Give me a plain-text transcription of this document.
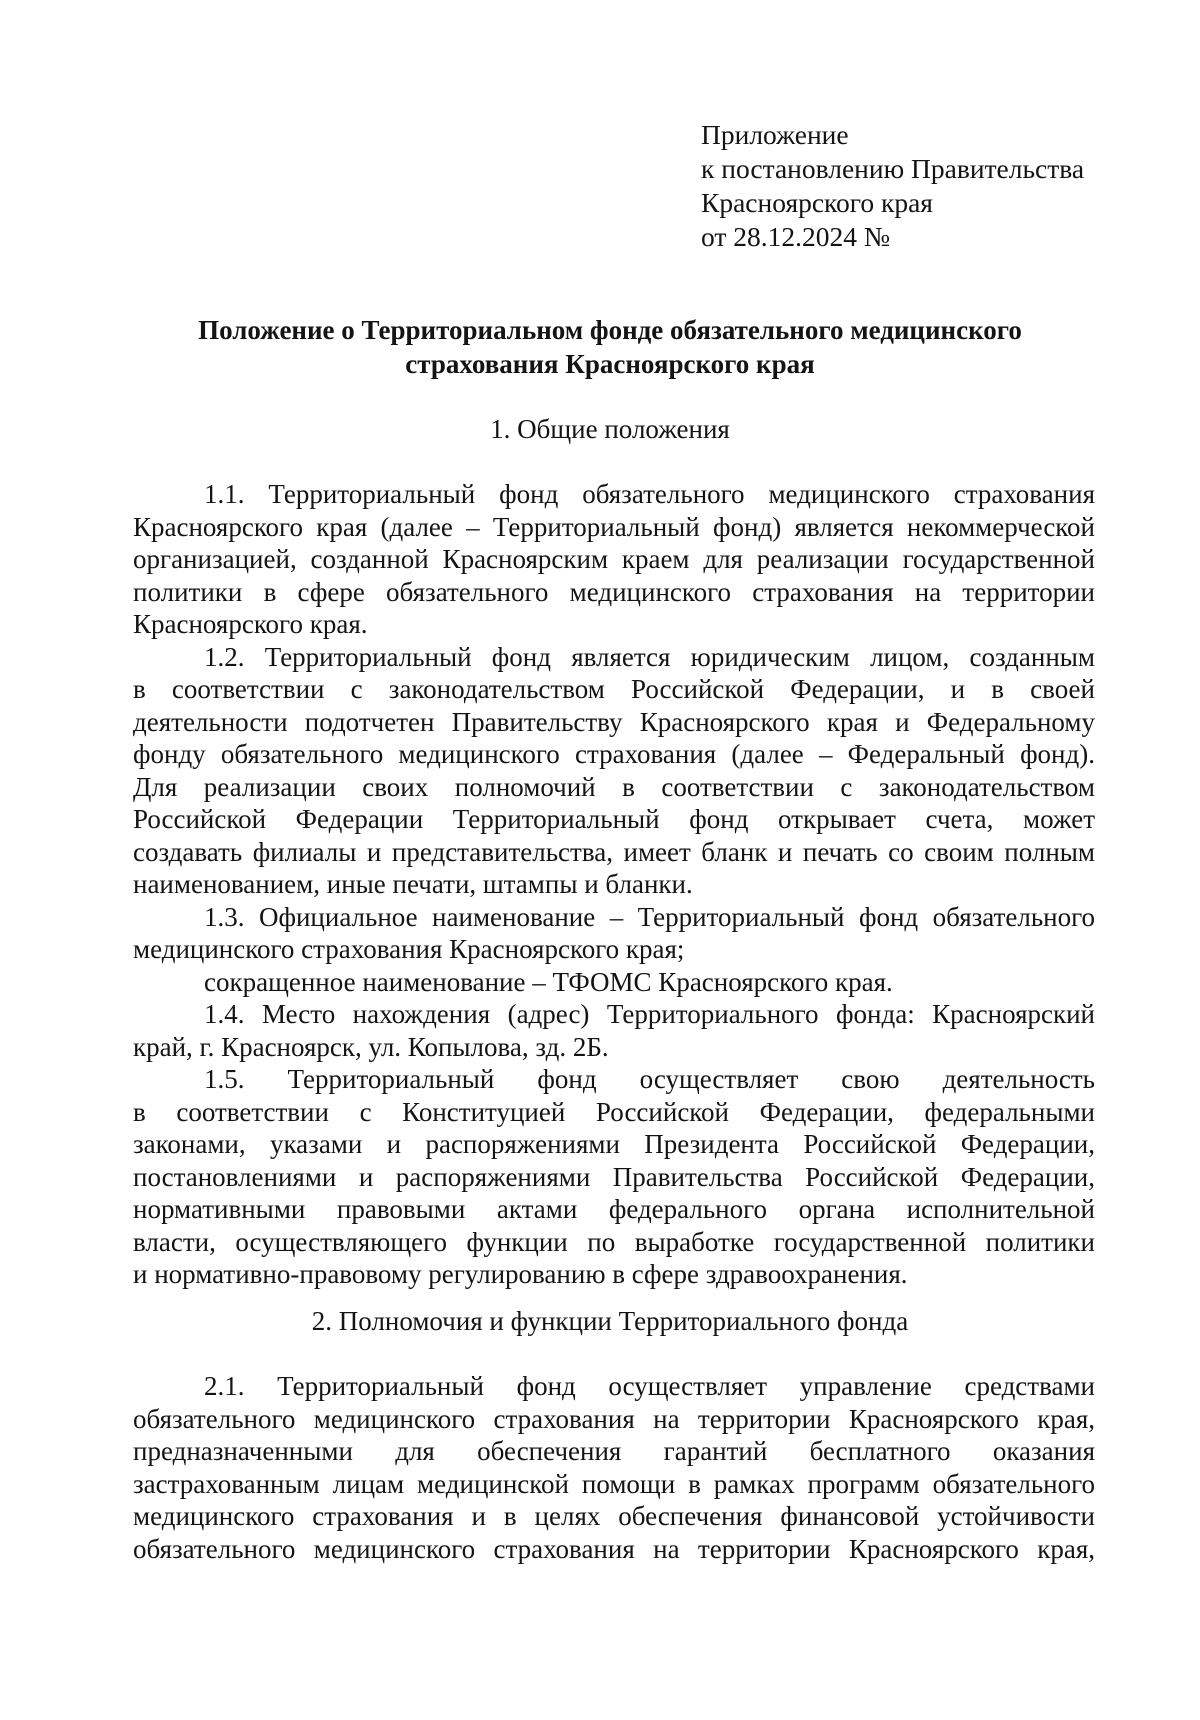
Приложение
к постановлению Правительства
Красноярского края
от 28.12.2024 №
Положение о Территориальном фонде обязательного медицинского
страхования Красноярского края
1. Общие положения

1.1. Территориальный фонд обязательного медицинского страхования
Красноярского края (далее – Территориальный фонд) является некоммерческой
организацией, созданной Красноярским краем для реализации государственной
политики в сфере обязательного медицинского страхования на территории
Красноярского края.

1.2. Территориальный фонд является юридическим лицом, созданным
в соответствии с законодательством Российской Федерации, и в своей
деятельности подотчетен Правительству Красноярского края и Федеральному
фонду обязательного медицинского страхования (далее – Федеральный фонд).
Для реализации своих полномочий в соответствии с законодательством
Российской Федерации Территориальный фонд открывает счета, может
создавать филиалы и представительства, имеет бланк и печать со своим полным
наименованием, иные печати, штампы и бланки.

1.3. Официальное наименование – Территориальный фонд обязательного
медицинского страхования Красноярского края;
сокращенное наименование – ТФОМС Красноярского края.

1.4. Место нахождения (адрес) Территориального фонда: Красноярский
край, г. Красноярск, ул. Копылова, зд. 2Б.

1.5. Территориальный фонд осуществляет свою деятельность
в соответствии с Конституцией Российской Федерации, федеральными
законами, указами и распоряжениями Президента Российской Федерации,
постановлениями и распоряжениями Правительства Российской Федерации,
нормативными правовыми актами федерального органа исполнительной
власти, осуществляющего функции по выработке государственной политики
и нормативно-правовому регулированию в сфере здравоохранения.

2. Полномочия и функции Территориального фонда

2.1. Территориальный фонд осуществляет управление средствами
обязательного медицинского страхования на территории Красноярского края,
предназначенными для обеспечения гарантий бесплатного оказания
застрахованным лицам медицинской помощи в рамках программ обязательного
медицинского страхования и в целях обеспечения финансовой устойчивости
обязательного медицинского страхования на территории Красноярского края,
